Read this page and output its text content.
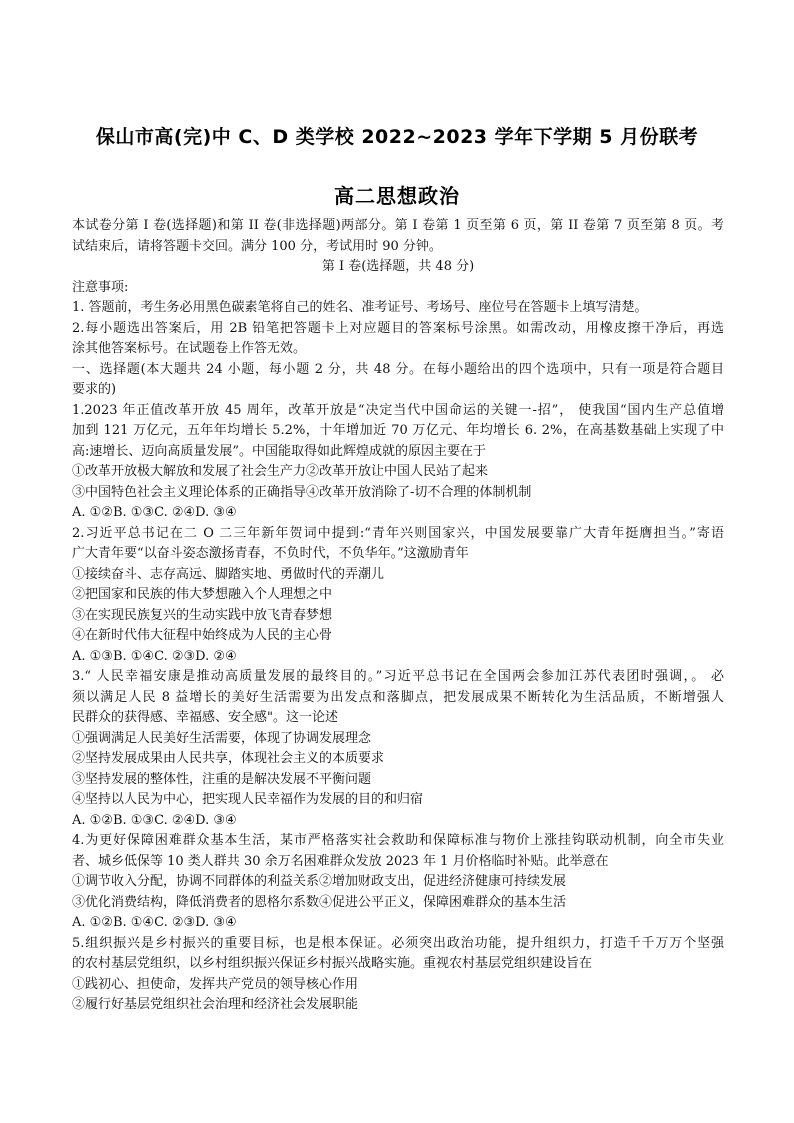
保山市高(完)中 C、D 类学校 2022~2023 学年下学期 5 月份联考
高二思想政治
本试卷分第 I 卷(选择题)和第 II 卷(非选择题)两部分。第 I 卷第 1 页至第 6 页，第 II 卷第 7 页至第 8 页。考
试结束后，请将答题卡交回。满分 100 分，考试用时 90 分钟。
第 I 卷(选择题，共 48 分)
注意事项:
1. 答题前，考生务必用黑色碳素笔将自己的姓名、准考证号、考场号、座位号在答题卡上填写清楚。
2.每小题选出答案后，用 2B 铅笔把答题卡上对应题目的答案标号涂黑。如需改动，用橡皮擦干净后，再选
涂其他答案标号。在试题卷上作答无效。
一、选择题(本大题共 24 小题，每小题 2 分，共 48 分。在每小题给出的四个选项中，只有一项是符合题目
要求的)
1.2023 年正值改革开放 45 周年，改革开放是“决定当代中国命运的关键一-招”， 使我国“国内生产总值增
加到 121 万亿元，五年年均增长 5.2%，十年增加近 70 万亿元、年均增长 6. 2%，在高基数基础上实现了中
高:速增长、迈向高质量发展”。中国能取得如此辉煌成就的原因主要在于
①改革开放极大解放和发展了社会生产力②改革开放让中国人民站了起来
③中国特色社会主义理论体系的正确指导④改革开放消除了-切不合理的体制机制
A. ①②B. ①③C. ②④D. ③④
2.习近平总书记在二 O 二三年新年贺词中提到:“青年兴则国家兴，中国发展要靠广大青年挺膺担当。”寄语
广大青年要“以奋斗姿态激扬青春，不负时代，不负华年。”这激励青年
①接续奋斗、志存高远、脚踏实地、勇做时代的弄潮儿
②把国家和民族的伟大梦想融入个人理想之中
③在实现民族复兴的生动实践中放飞青春梦想
④在新时代伟大征程中始终成为人民的主心骨
A. ①③B. ①④C. ②③D. ②④
3.“ 人民幸福安康是推动高质量发展的最终目的。”习近平总书记在全国两会参加江苏代表团时强调，。 必
须以满足人民 8 益增长的美好生活需要为出发点和落脚点，把发展成果不断转化为生活品质，不断增强人
民群众的获得感、幸福感、安全感"。这一论述
①强调满足人民美好生活需要，体现了协调发展理念
②坚持发展成果由人民共享，体现社会主义的本质要求
③坚持发展的整体性，注重的是解决发展不平衡问题
④坚持以人民为中心，把实现人民幸福作为发展的目的和归宿
A. ①②B. ①③C. ②④D. ③④
4.为更好保障困难群众基本生活，某市严格落实社会救助和保障标准与物价上涨挂钩联动机制，向全市失业
者、城乡低保等 10 类人群共 30 余万名困难群众发放 2023 年 1 月价格临时补贴。此举意在
①调节收入分配，协调不同群体的利益关系②增加财政支出，促进经济健康可持续发展
③优化消费结构，降低消费者的恩格尔系数④促进公平正义，保障困难群众的基本生活
A. ①②B. ①④C. ②③D. ③④
5.组织振兴是乡村振兴的重要目标，也是根本保证。必须突出政治功能，提升组织力，打造千千万万个坚强
的农村基层党组织，以乡村组织振兴保证乡村振兴战略实施。重视农村基层党组织建设旨在
①践初心、担使命，发挥共产党员的领导核心作用
②履行好基层党组织社会治理和经济社会发展职能
